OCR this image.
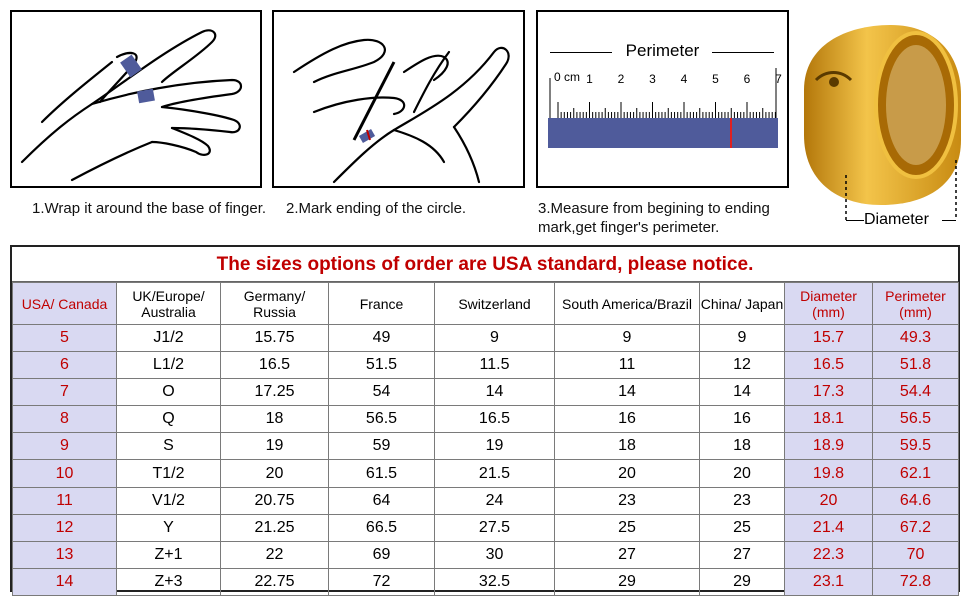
1.Wrap it around the base of finger.	2.Mark ending of the circle.
Perimeter
0 cm 1 2 3 4 5 6 7
3.Measure from begining to ending mark,get finger's perimeter.	Diameter
The sizes options of order are USA standard, please notice.
USA/ Canada	UK/Europe/ Australia	Germany/ Russia	France	Switzerland	South America/Brazil	China/ Japan	Diameter (mm)	Perimeter (mm)
5	J1/2	15.75	49	9	9	9	15.7	49.3
6	L1/2	16.5	51.5	11.5	11	12	16.5	51.8
7	O	17.25	54	14	14	14	17.3	54.4
8	Q	18	56.5	16.5	16	16	18.1	56.5
9	S	19	59	19	18	18	18.9	59.5
10	T1/2	20	61.5	21.5	20	20	19.8	62.1
11	V1/2	20.75	64	24	23	23	20	64.6
12	Y	21.25	66.5	27.5	25	25	21.4	67.2
13	Z+1	22	69	30	27	27	22.3	70
14	Z+3	22.75	72	32.5	29	29	23.1	72.8
